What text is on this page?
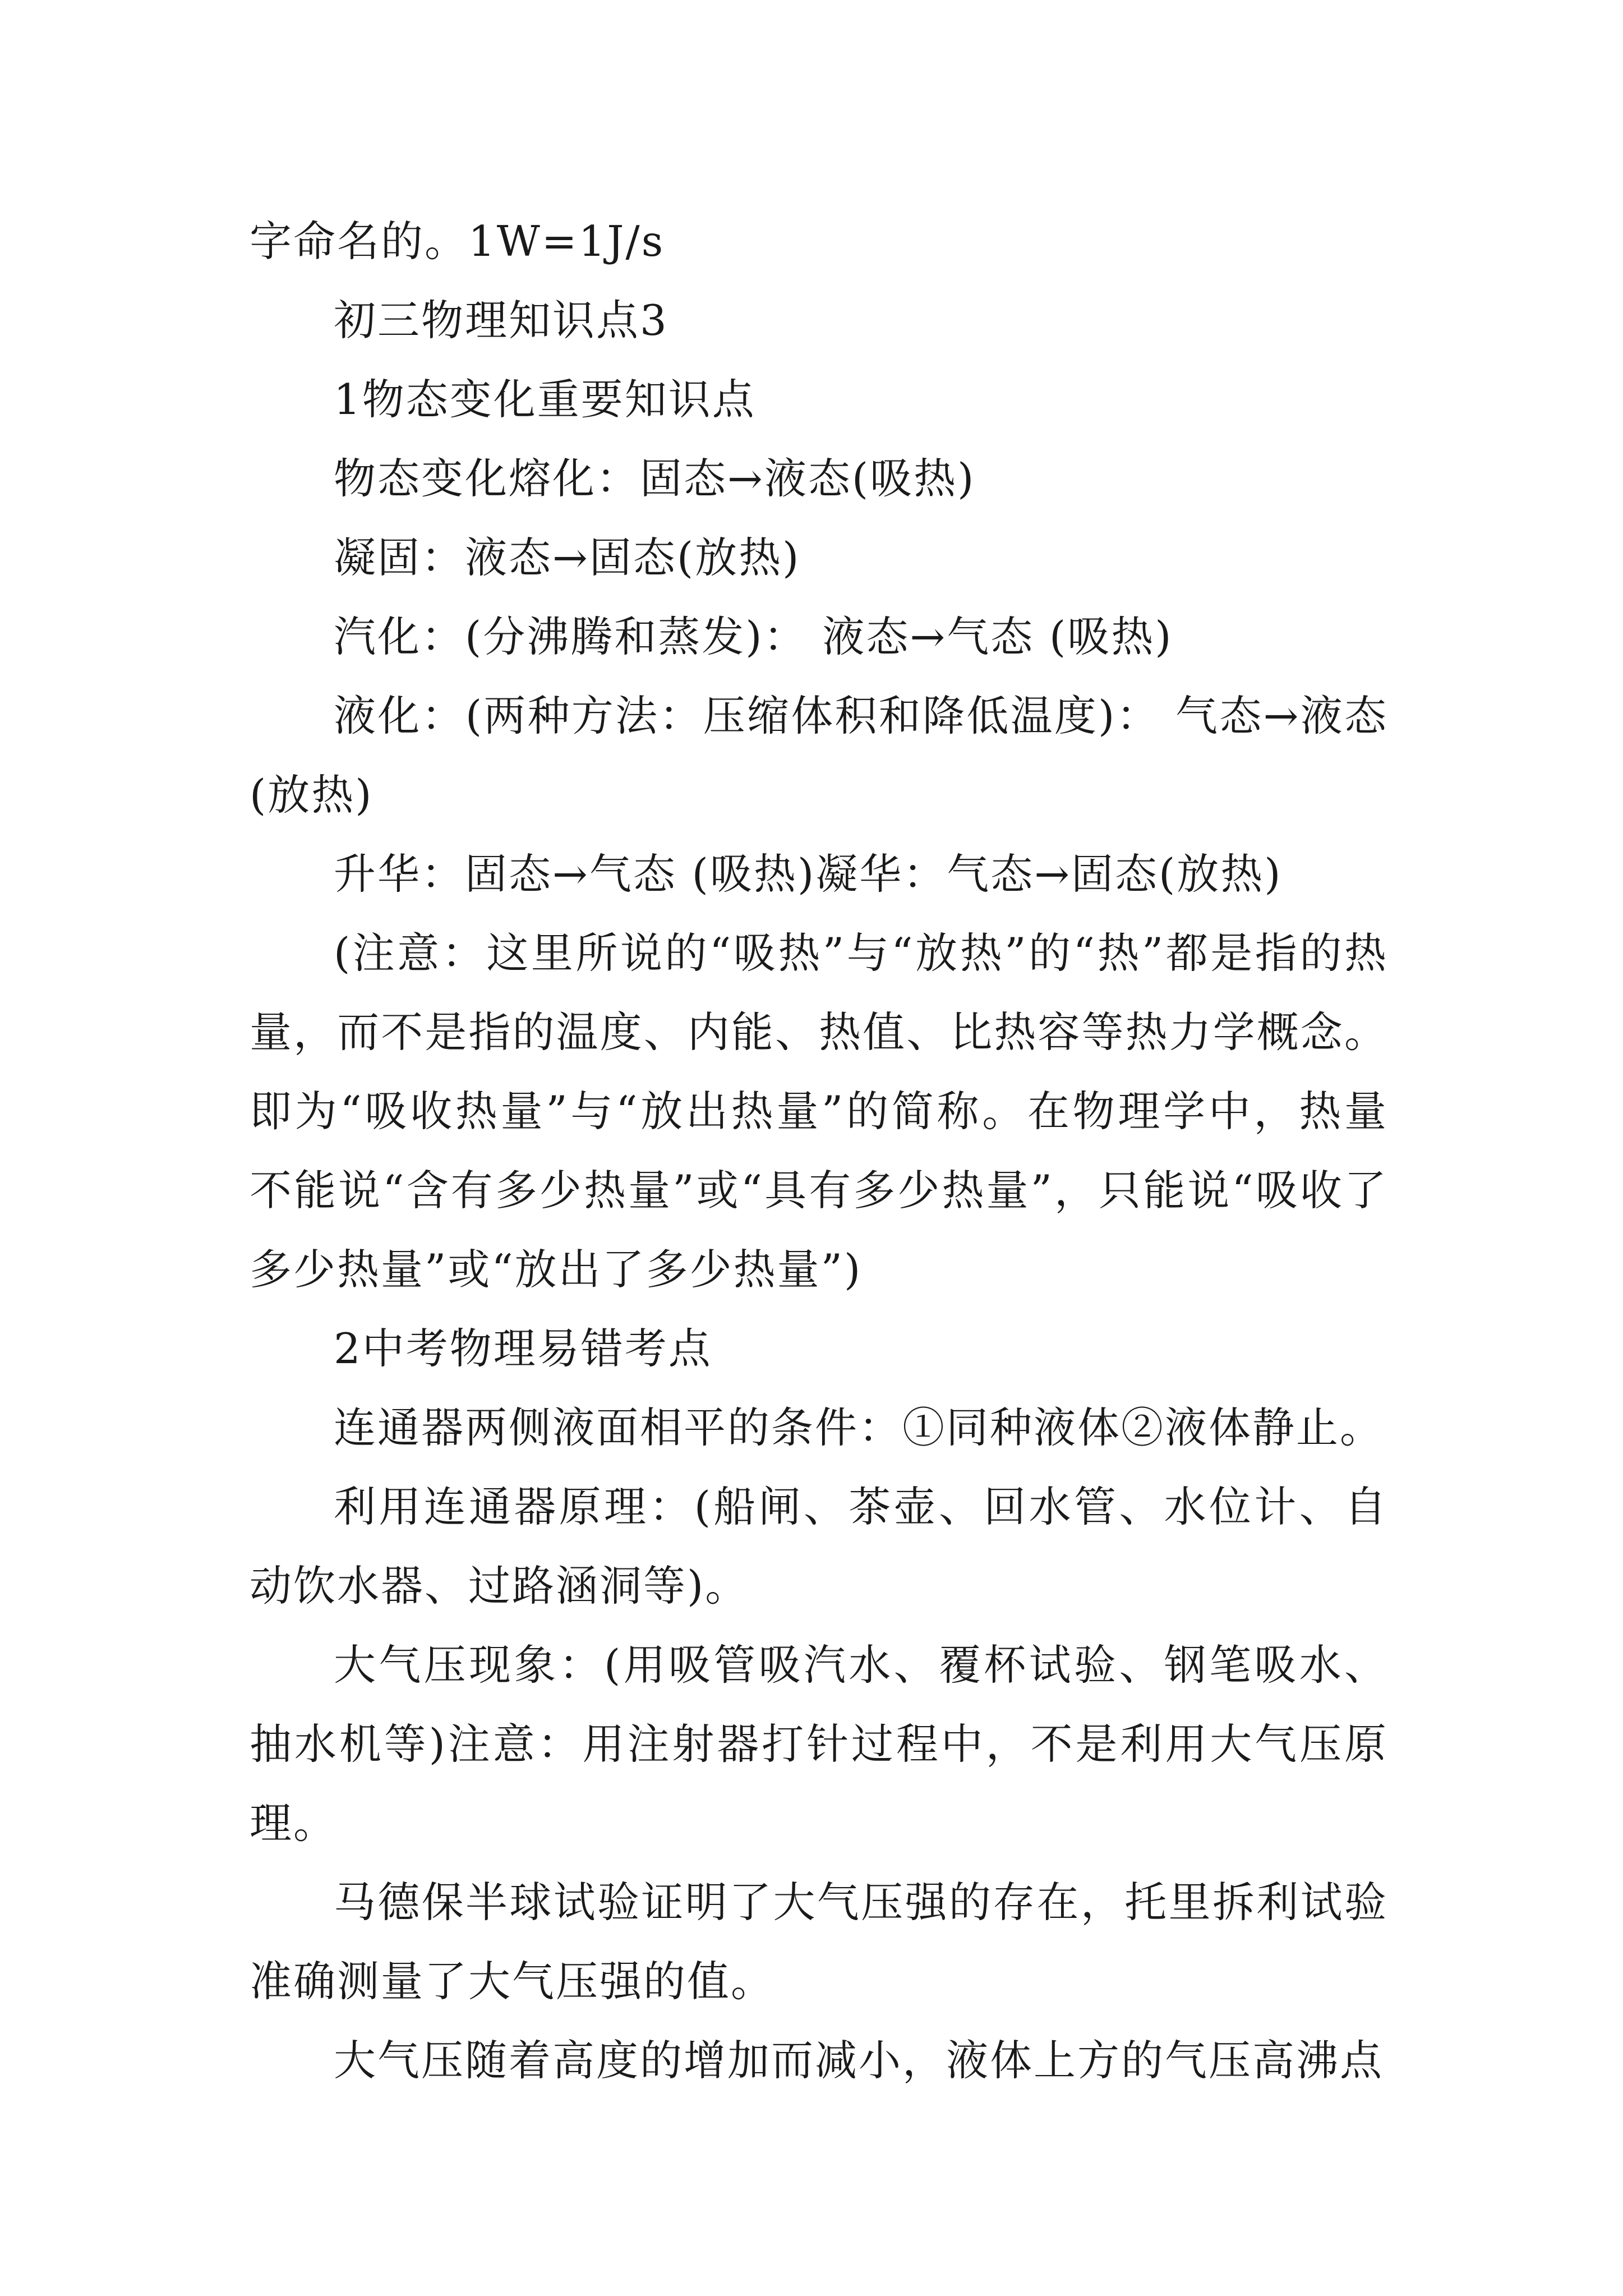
字命名的。1W=1J/s

初三物理知识点3

1物态变化重要知识点

物态变化熔化：固态→液态(吸热)

凝固：液态→固态(放热)

汽化：(分沸腾和蒸发)： 液态→气态 (吸热)

液化：(两种方法：压缩体积和降低温度)： 气态→液态 (放热)

升华：固态→气态 (吸热)凝华：气态→固态(放热)

(注意：这里所说的“吸热”与“放热”的“热”都是指的热量，而不是指的温度、内能、热值、比热容等热力学概念。即为“吸收热量”与“放出热量”的简称。在物理学中，热量不能说“含有多少热量”或“具有多少热量”，只能说“吸收了多少热量”或“放出了多少热量”)

2中考物理易错考点

连通器两侧液面相平的条件：①同种液体②液体静止。

利用连通器原理：(船闸、茶壶、回水管、水位计、自动饮水器、过路涵洞等)。

大气压现象：(用吸管吸汽水、覆杯试验、钢笔吸水、抽水机等)注意：用注射器打针过程中，不是利用大气压原理。

马德保半球试验证明了大气压强的存在，托里拆利试验准确测量了大气压强的值。

大气压随着高度的增加而减小，液体上方的气压高沸点
